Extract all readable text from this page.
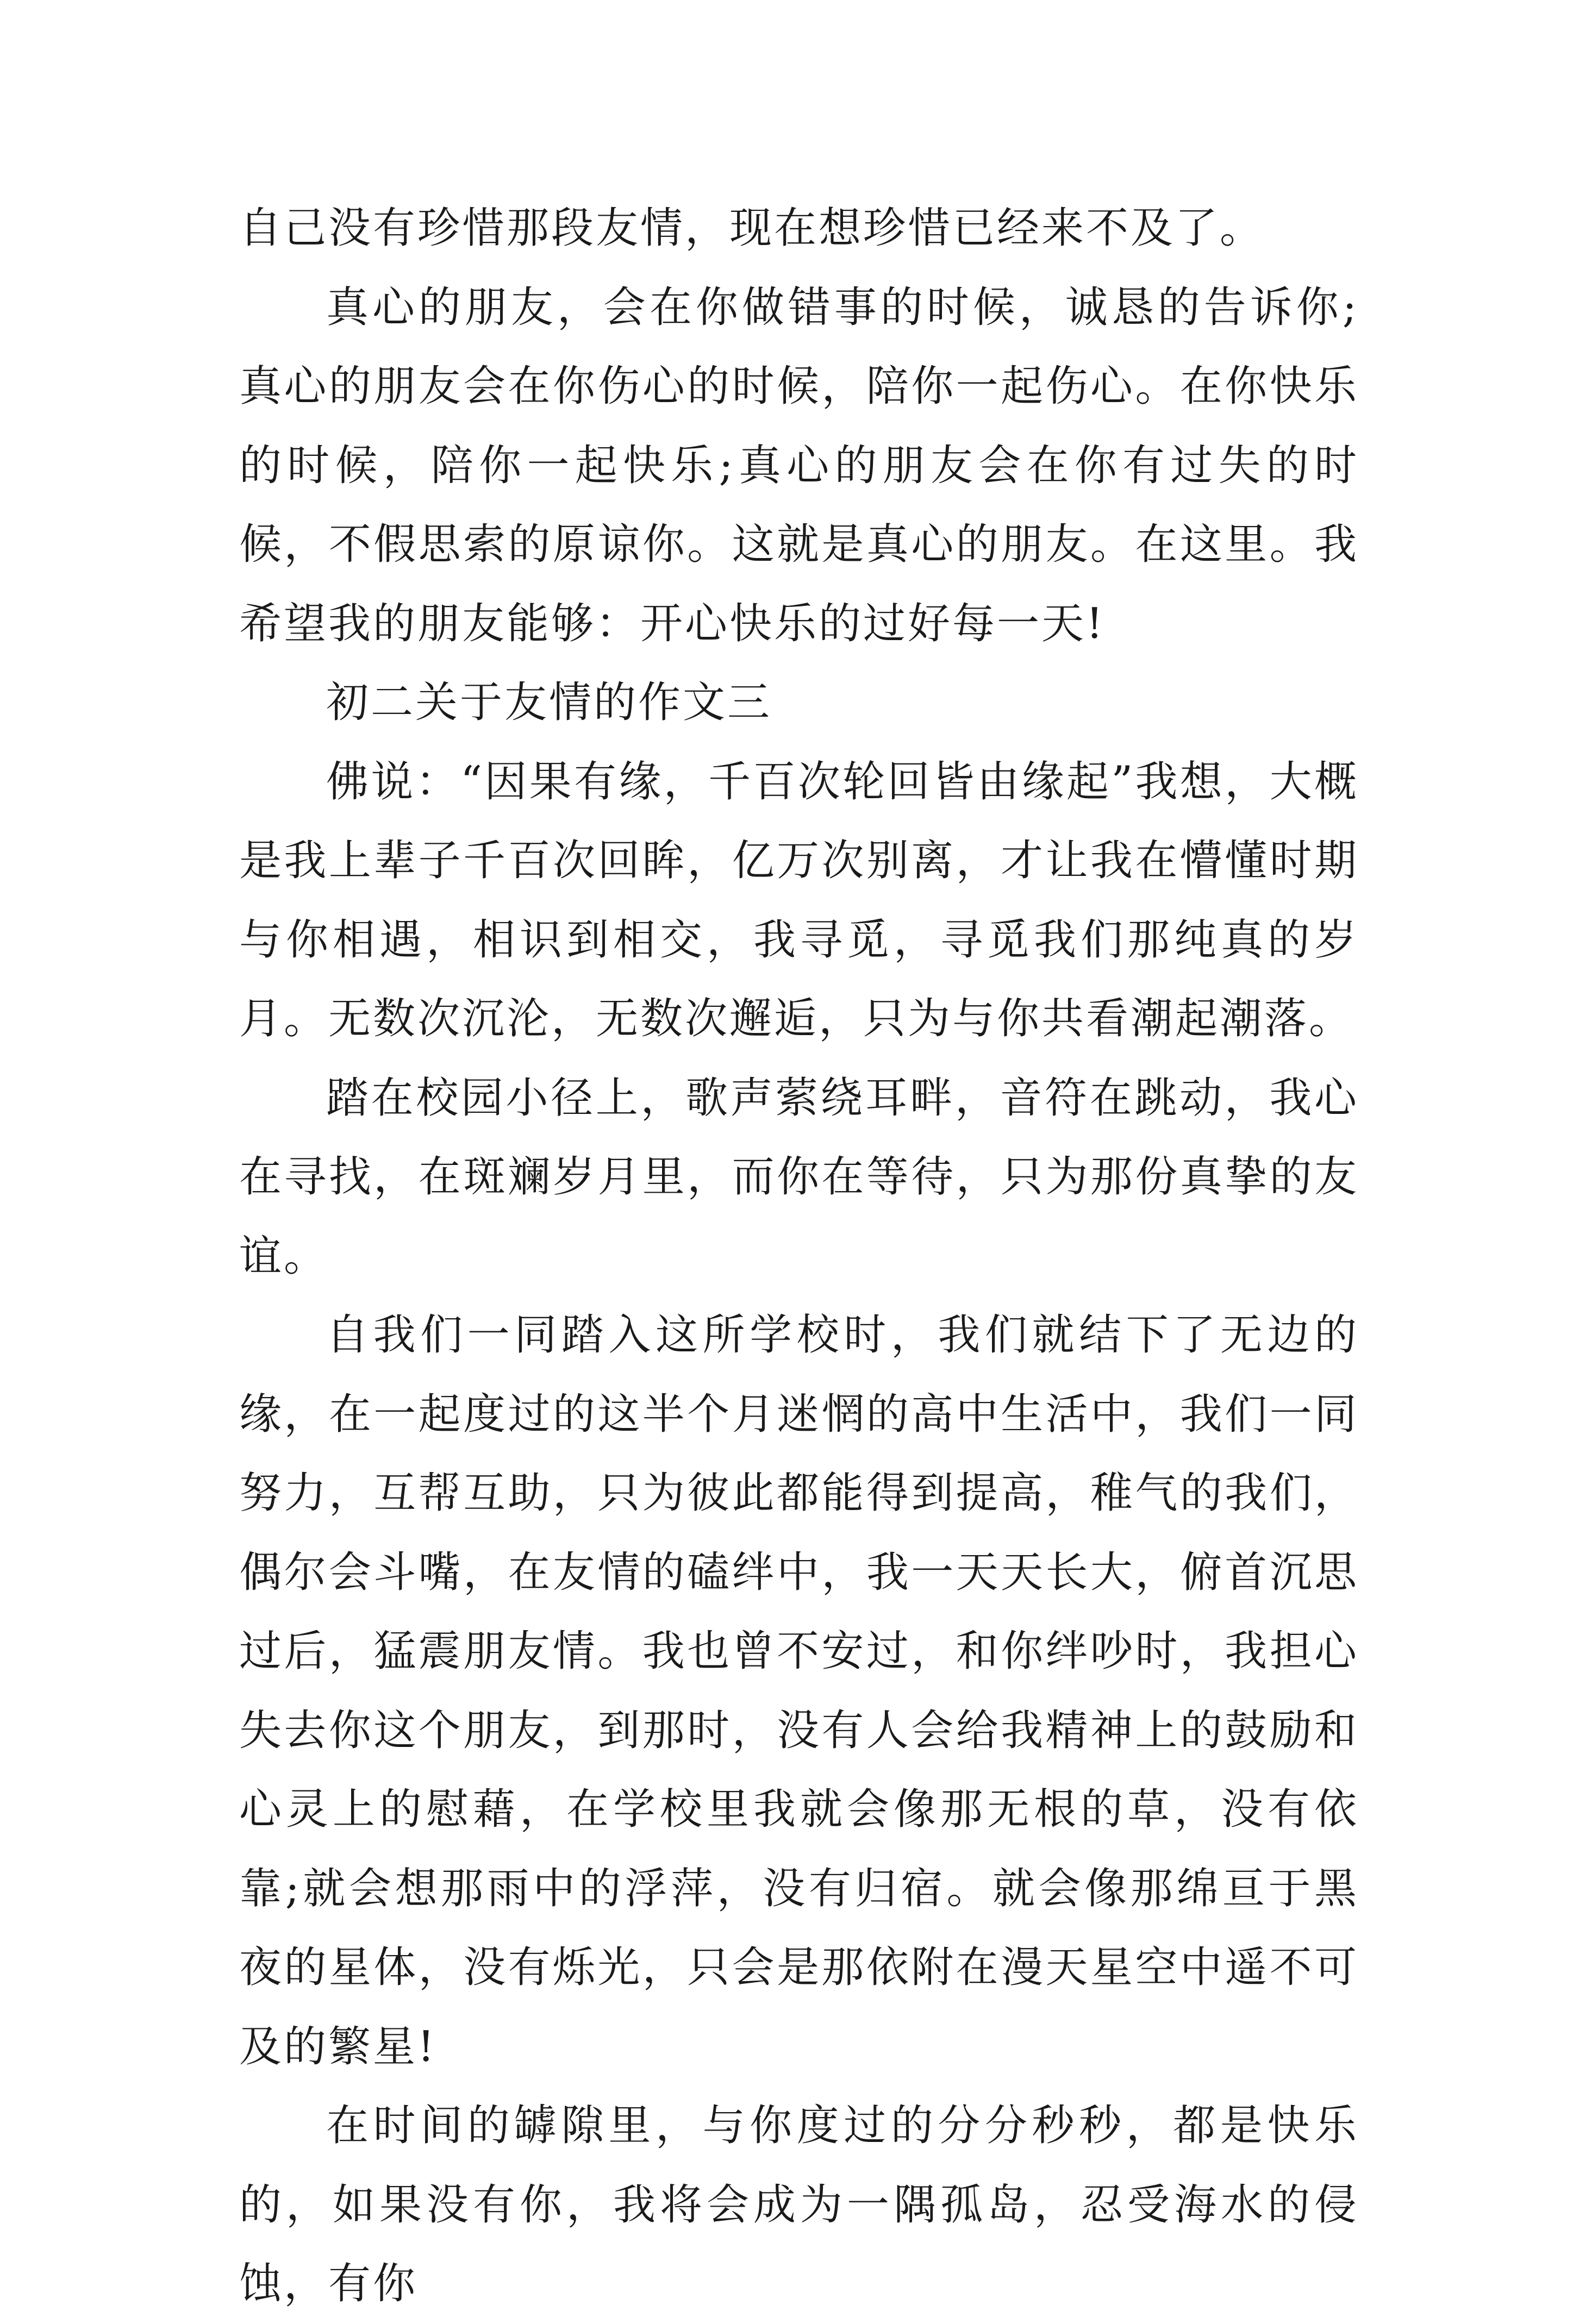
自己没有珍惜那段友情，现在想珍惜已经来不及了。

真心的朋友，会在你做错事的时候，诚恳的告诉你;真心的朋友会在你伤心的时候，陪你一起伤心。在你快乐的时候，陪你一起快乐;真心的朋友会在你有过失的时候，不假思索的原谅你。这就是真心的朋友。在这里。我希望我的朋友能够：开心快乐的过好每一天!

初二关于友情的作文三

佛说：“因果有缘，千百次轮回皆由缘起”我想，大概是我上辈子千百次回眸，亿万次别离，才让我在懵懂时期与你相遇，相识到相交，我寻觅，寻觅我们那纯真的岁月。无数次沉沦，无数次邂逅，只为与你共看潮起潮落。

踏在校园小径上，歌声萦绕耳畔，音符在跳动，我心在寻找，在斑斓岁月里，而你在等待，只为那份真挚的友谊。

自我们一同踏入这所学校时，我们就结下了无边的缘，在一起度过的这半个月迷惘的高中生活中，我们一同努力，互帮互助，只为彼此都能得到提高，稚气的我们，偶尔会斗嘴，在友情的磕绊中，我一天天长大，俯首沉思过后，猛震朋友情。我也曾不安过，和你绊吵时，我担心失去你这个朋友，到那时，没有人会给我精神上的鼓励和心灵上的慰藉，在学校里我就会像那无根的草，没有依靠;就会想那雨中的浮萍，没有归宿。就会像那绵亘于黑夜的星体，没有烁光，只会是那依附在漫天星空中遥不可及的繁星!

在时间的罅隙里，与你度过的分分秒秒，都是快乐的，如果没有你，我将会成为一隅孤岛，忍受海水的侵蚀，有你
